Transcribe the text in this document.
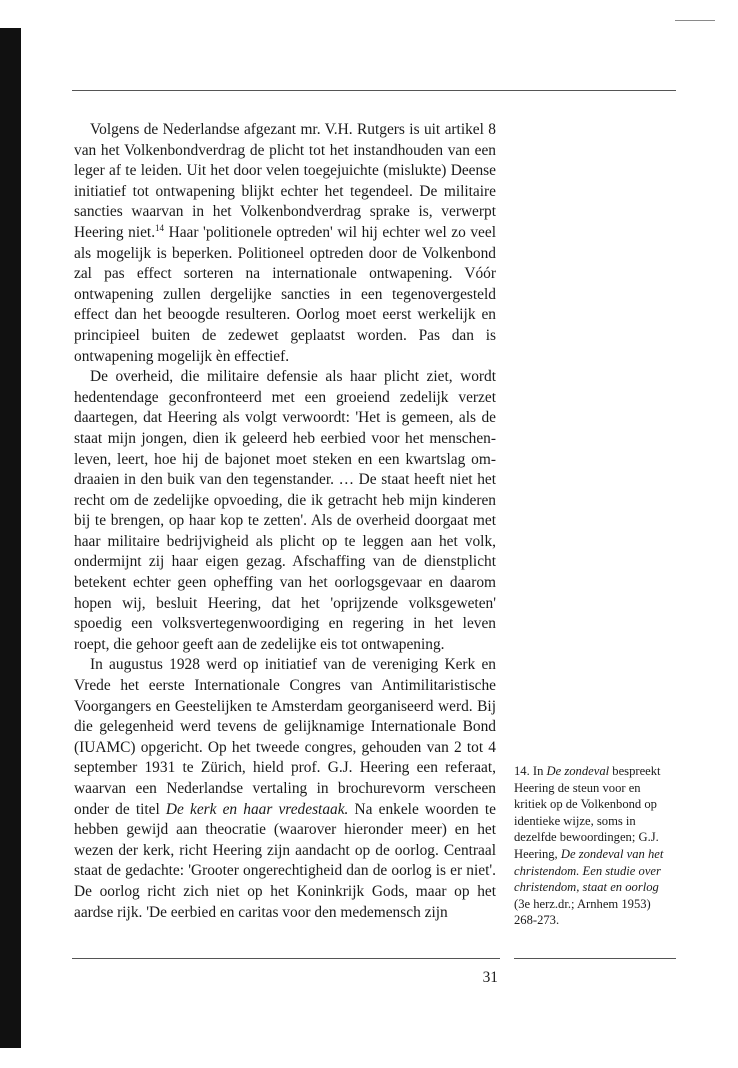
Volgens de Nederlandse afgezant mr. V.H. Rutgers is uit artikel 8 van het Volkenbondverdrag de plicht tot het instandhouden van een leger af te leiden. Uit het door velen toegejuichte (mislukte) Deense initiatief tot ontwapening blijkt echter het tegendeel. De militaire sancties waarvan in het Volkenbondverdrag sprake is, verwerpt Heering niet.$^{14}$ Haar 'politionele optreden' wil hij echter wel zo veel als mogelijk is beperken. Politioneel optreden door de Volkenbond zal pas effect sorteren na internationale ontwapening. Vóór ontwapening zullen dergelijke sancties in een tegenovergesteld effect dan het beoogde resulteren. Oorlog moet eerst werkelijk en principieel buiten de zedewet geplaatst worden. Pas dan is ontwapening mogelijk èn effectief.

De overheid, die militaire defensie als haar plicht ziet, wordt hedentendage geconfronteerd met een groeiend zedelijk verzet daartegen, dat Heering als volgt verwoordt: 'Het is gemeen, als de staat mijn jongen, dien ik geleerd heb eerbied voor het menschenleven, leert, hoe hij de bajonet moet steken en een kwartslag omdraaien in den buik van den tegenstander. … De staat heeft niet het recht om de zedelijke opvoeding, die ik getracht heb mijn kinderen bij te brengen, op haar kop te zetten'. Als de overheid doorgaat met haar militaire bedrijvigheid als plicht op te leggen aan het volk, ondermijnt zij haar eigen gezag. Afschaffing van de dienstplicht betekent echter geen opheffing van het oorlogsgevaar en daarom hopen wij, besluit Heering, dat het 'oprijzende volksgeweten' spoedig een volksvertegenwoordiging en regering in het leven roept, die gehoor geeft aan de zedelijke eis tot ontwapening.

In augustus 1928 werd op initiatief van de vereniging Kerk en Vrede het eerste Internationale Congres van Antimilitaristische Voorgangers en Geestelijken te Amsterdam georganiseerd werd. Bij die gelegenheid werd tevens de gelijknamige Internationale Bond (IUAMC) opgericht. Op het tweede congres, gehouden van 2 tot 4 september 1931 te Zürich, hield prof. G.J. Heering een referaat, waarvan een Nederlandse vertaling in brochurevorm verscheen onder de titel De kerk en haar vredestaak. Na enkele woorden te hebben gewijd aan theocratie (waarover hieronder meer) en het wezen der kerk, richt Heering zijn aandacht op de oorlog. Centraal staat de gedachte: 'Grooter ongerechtigheid dan de oorlog is er niet'. De oorlog richt zich niet op het Koninkrijk Gods, maar op het aardse rijk. 'De eerbied en caritas voor den medemensch zijn

14. In De zondeval bespreekt Heering de steun voor en kritiek op de Volkenbond op identieke wijze, soms in dezelfde bewoordingen; G.J. Heering, De zondeval van het christendom. Een studie over christendom, staat en oorlog (3e herz.dr.; Arnhem 1953) 268-273.
31
